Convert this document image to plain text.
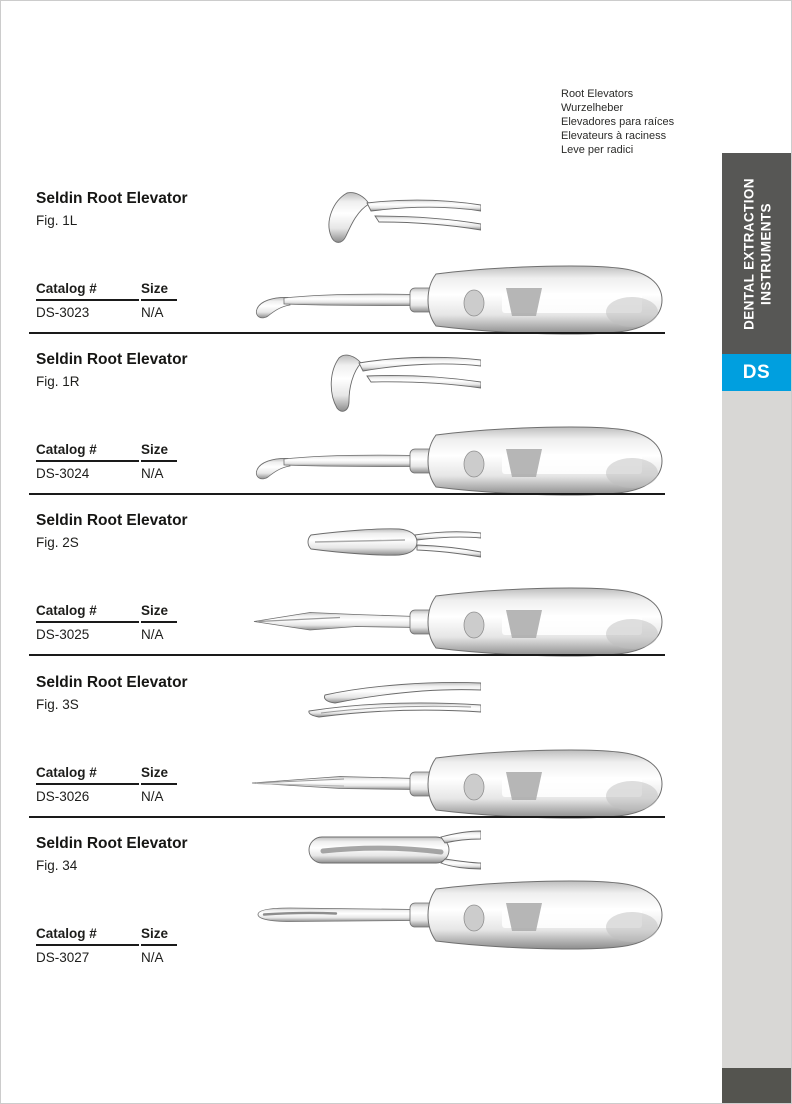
Root Elevators
Wurzelheber
Elevadores para raíces
Elevateurs à raciness
Leve per radici
DENTAL EXTRACTION INSTRUMENTS
DS
Seldin Root Elevator
Fig. 1L
Catalog #
DS-3023
Size
N/A
Seldin Root Elevator
Fig. 1R
Catalog #
DS-3024
Size
N/A
Seldin Root Elevator
Fig. 2S
Catalog #
DS-3025
Size
N/A
Seldin Root Elevator
Fig. 3S
Catalog #
DS-3026
Size
N/A
Seldin Root Elevator
Fig. 34
Catalog #
DS-3027
Size
N/A
